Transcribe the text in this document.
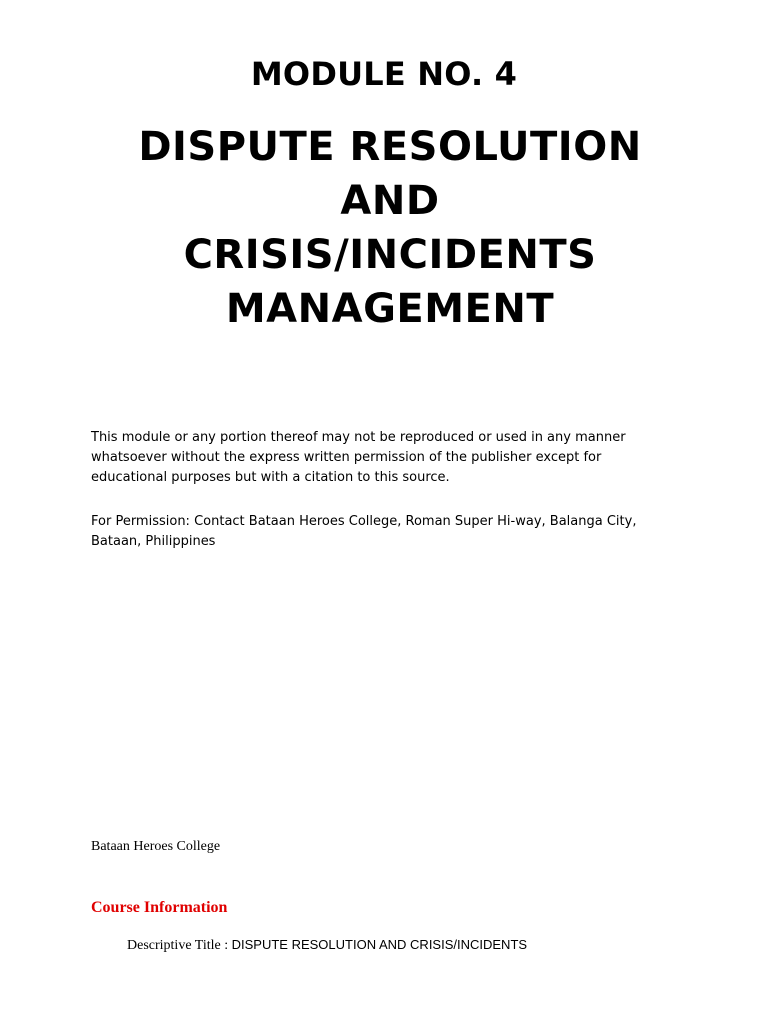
MODULE NO. 4
DISPUTE RESOLUTION AND
CRISIS/INCIDENTS
MANAGEMENT
This module or any portion thereof may not be reproduced or used in any manner
whatsoever without the express written permission of the publisher except for
educational purposes but with a citation to this source.
For Permission: Contact Bataan Heroes College, Roman Super Hi-way, Balanga City,
Bataan, Philippines
Bataan Heroes College
Course Information
Descriptive Title : DISPUTE RESOLUTION AND CRISIS/INCIDENTS
